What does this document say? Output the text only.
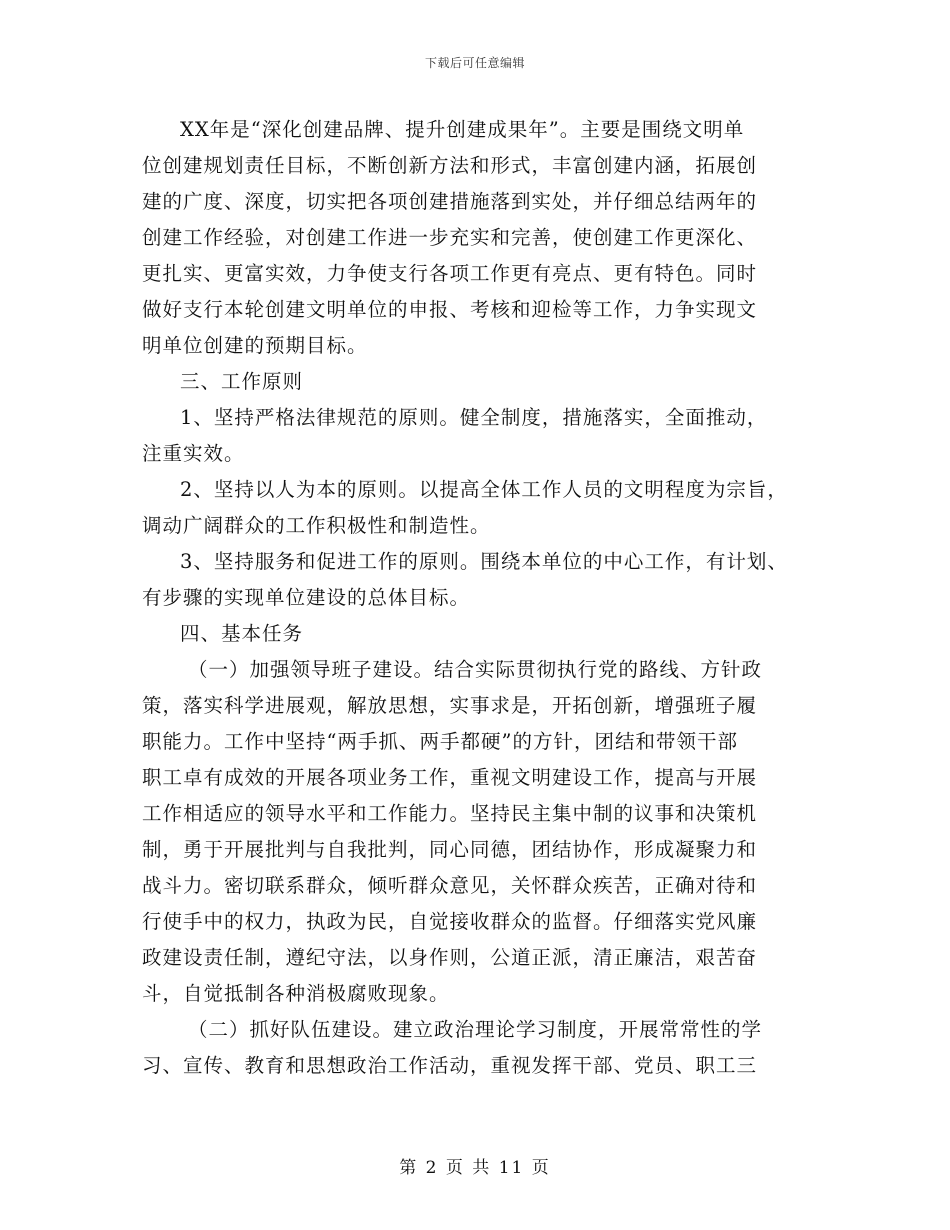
下载后可任意编辑
XX年是“深化创建品牌、提升创建成果年”。主要是围绕文明单
位创建规划责任目标，不断创新方法和形式，丰富创建内涵，拓展创
建的广度、深度，切实把各项创建措施落到实处，并仔细总结两年的
创建工作经验，对创建工作进一步充实和完善，使创建工作更深化、
更扎实、更富实效，力争使支行各项工作更有亮点、更有特色。同时
做好支行本轮创建文明单位的申报、考核和迎检等工作，力争实现文
明单位创建的预期目标。
三、工作原则
1、坚持严格法律规范的原则。健全制度，措施落实，全面推动，
注重实效。
2、坚持以人为本的原则。以提高全体工作人员的文明程度为宗旨，
调动广阔群众的工作积极性和制造性。
3、坚持服务和促进工作的原则。围绕本单位的中心工作，有计划、
有步骤的实现单位建设的总体目标。
四、基本任务
（一）加强领导班子建设。结合实际贯彻执行党的路线、方针政
策，落实科学进展观，解放思想，实事求是，开拓创新，增强班子履
职能力。工作中坚持“两手抓、两手都硬”的方针，团结和带领干部
职工卓有成效的开展各项业务工作，重视文明建设工作，提高与开展
工作相适应的领导水平和工作能力。坚持民主集中制的议事和决策机
制，勇于开展批判与自我批判，同心同德，团结协作，形成凝聚力和
战斗力。密切联系群众，倾听群众意见，关怀群众疾苦，正确对待和
行使手中的权力，执政为民，自觉接收群众的监督。仔细落实党风廉
政建设责任制，遵纪守法，以身作则，公道正派，清正廉洁，艰苦奋
斗，自觉抵制各种消极腐败现象。
（二）抓好队伍建设。建立政治理论学习制度，开展常常性的学
习、宣传、教育和思想政治工作活动，重视发挥干部、党员、职工三
第 2 页 共 11 页
